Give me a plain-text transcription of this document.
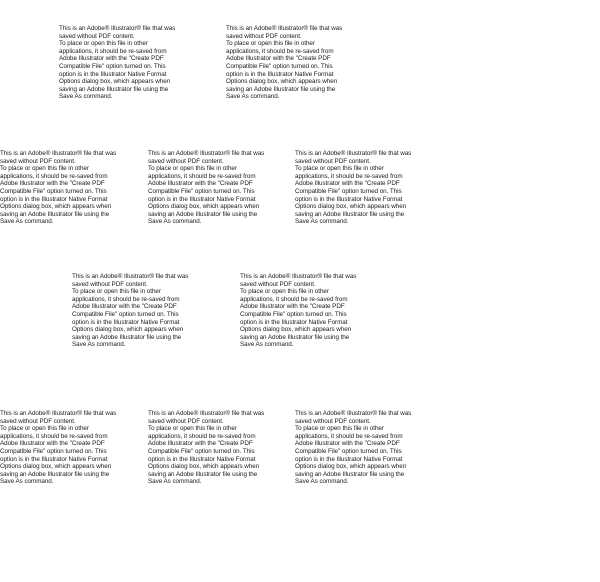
This is an Adobe® Illustrator® file that was saved without PDF content.

To place or open this file in other applications, it should be re-saved from Adobe Illustrator with the "Create PDF Compatible File" option turned on. This option is in the Illustrator Native Format Options dialog box, which appears when saving an Adobe Illustrator file using the Save As command.

This is an Adobe® Illustrator® file that was saved without PDF content.

To place or open this file in other applications, it should be re-saved from Adobe Illustrator with the "Create PDF Compatible File" option turned on. This option is in the Illustrator Native Format Options dialog box, which appears when saving an Adobe Illustrator file using the Save As command.

This is an Adobe® Illustrator® file that was saved without PDF content.

To place or open this file in other applications, it should be re-saved from Adobe Illustrator with the "Create PDF Compatible File" option turned on. This option is in the Illustrator Native Format Options dialog box, which appears when saving an Adobe Illustrator file using the Save As command.

This is an Adobe® Illustrator® file that was saved without PDF content.

To place or open this file in other applications, it should be re-saved from Adobe Illustrator with the "Create PDF Compatible File" option turned on. This option is in the Illustrator Native Format Options dialog box, which appears when saving an Adobe Illustrator file using the Save As command.

This is an Adobe® Illustrator® file that was saved without PDF content.

To place or open this file in other applications, it should be re-saved from Adobe Illustrator with the "Create PDF Compatible File" option turned on. This option is in the Illustrator Native Format Options dialog box, which appears when saving an Adobe Illustrator file using the Save As command.

This is an Adobe® Illustrator® file that was saved without PDF content.

To place or open this file in other applications, it should be re-saved from Adobe Illustrator with the "Create PDF Compatible File" option turned on. This option is in the Illustrator Native Format Options dialog box, which appears when saving an Adobe Illustrator file using the Save As command.

This is an Adobe® Illustrator® file that was saved without PDF content.

To place or open this file in other applications, it should be re-saved from Adobe Illustrator with the "Create PDF Compatible File" option turned on. This option is in the Illustrator Native Format Options dialog box, which appears when saving an Adobe Illustrator file using the Save As command.

This is an Adobe® Illustrator® file that was saved without PDF content.

To place or open this file in other applications, it should be re-saved from Adobe Illustrator with the "Create PDF Compatible File" option turned on. This option is in the Illustrator Native Format Options dialog box, which appears when saving an Adobe Illustrator file using the Save As command.

This is an Adobe® Illustrator® file that was saved without PDF content.

To place or open this file in other applications, it should be re-saved from Adobe Illustrator with the "Create PDF Compatible File" option turned on. This option is in the Illustrator Native Format Options dialog box, which appears when saving an Adobe Illustrator file using the Save As command.

This is an Adobe® Illustrator® file that was saved without PDF content.

To place or open this file in other applications, it should be re-saved from Adobe Illustrator with the "Create PDF Compatible File" option turned on. This option is in the Illustrator Native Format Options dialog box, which appears when saving an Adobe Illustrator file using the Save As command.
